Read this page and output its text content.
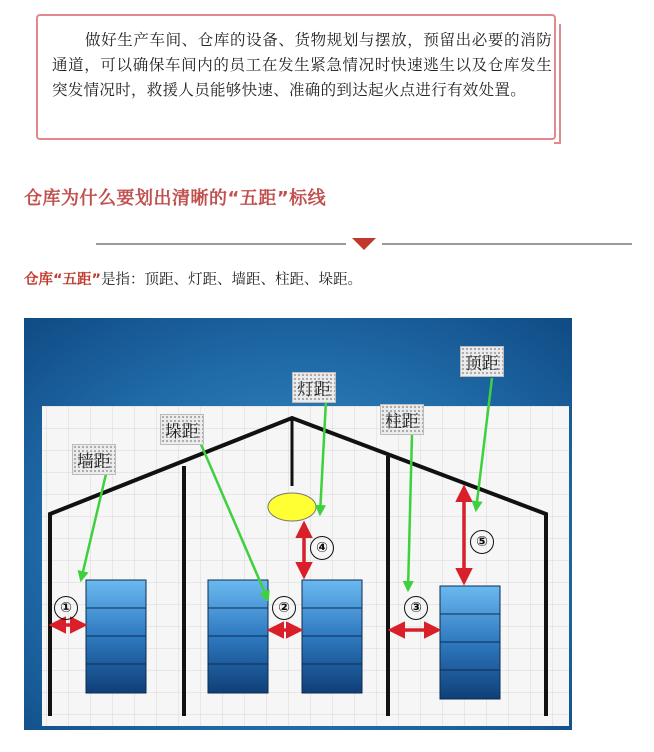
做好生产车间、仓库的设备、货物规划与摆放，预留出必要的消防通道，可以确保车间内的员工在发生紧急情况时快速逃生以及仓库发生突发情况时，救援人员能够快速、准确的到达起火点进行有效处置。

仓库为什么要划出清晰的“五距”标线

仓库“五距”是指：顶距、灯距、墙距、柱距、垛距。

墙距
垛距
灯距
柱距
顶距
①	②	③
④	⑤
